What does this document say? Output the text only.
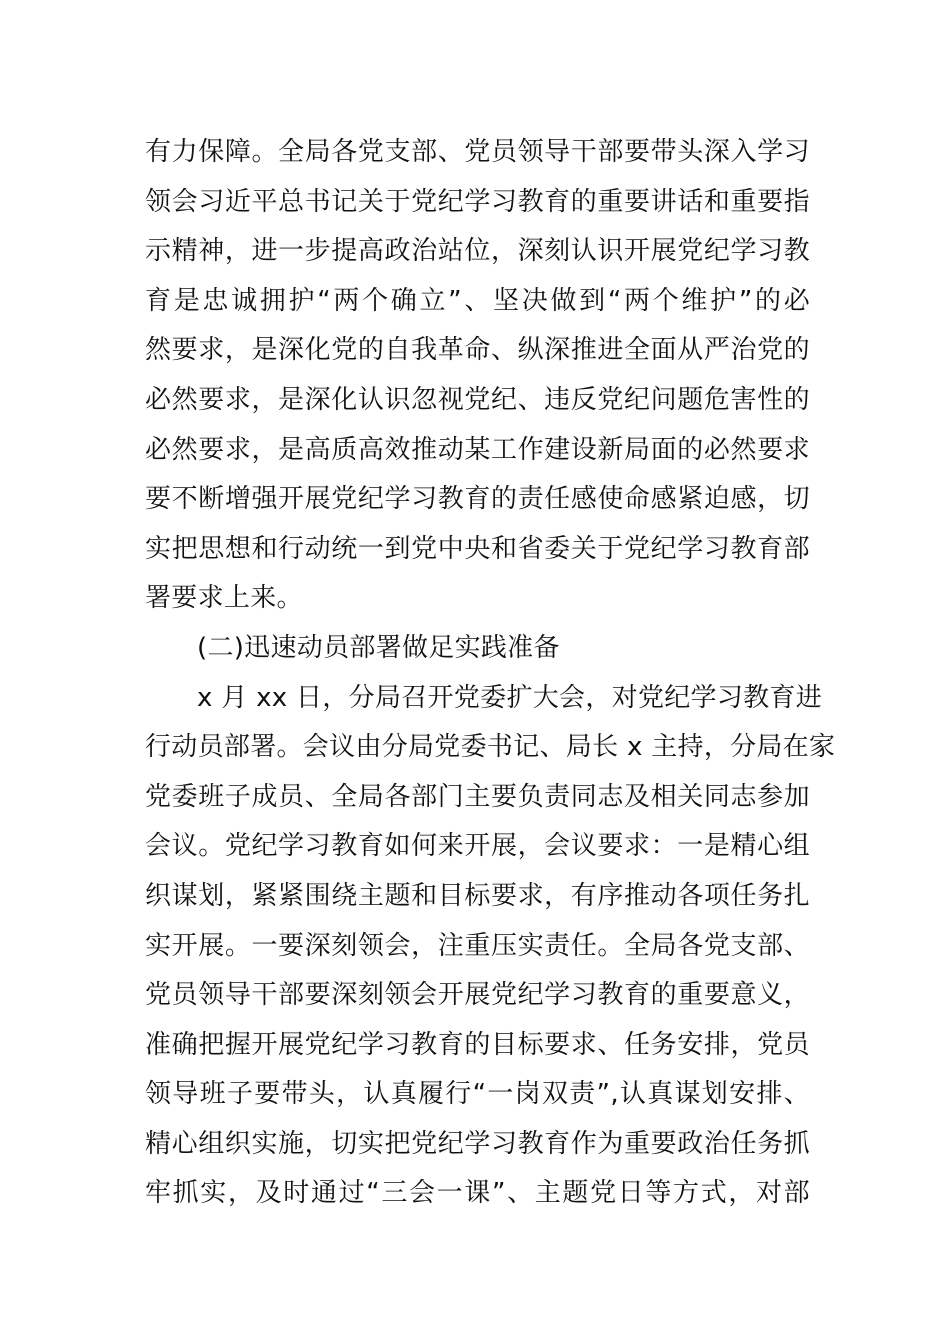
有力保障。全局各党支部、党员领导干部要带头深入学习
领会习近平总书记关于党纪学习教育的重要讲话和重要指
示精神，进一步提高政治站位，深刻认识开展党纪学习教
育是忠诚拥护“两个确立”、坚决做到“两个维护”的必
然要求，是深化党的自我革命、纵深推进全面从严治党的
必然要求，是深化认识忽视党纪、违反党纪问题危害性的
必然要求，是高质高效推动某工作建设新局面的必然要求
要不断增强开展党纪学习教育的责任感使命感紧迫感，切
实把思想和行动统一到党中央和省委关于党纪学习教育部
署要求上来。
(二)迅速动员部署做足实践准备
x 月 xx 日，分局召开党委扩大会，对党纪学习教育进
行动员部署。会议由分局党委书记、局长 x 主持，分局在家
党委班子成员、全局各部门主要负责同志及相关同志参加
会议。党纪学习教育如何来开展，会议要求：一是精心组
织谋划，紧紧围绕主题和目标要求，有序推动各项任务扎
实开展。一要深刻领会，注重压实责任。全局各党支部、
党员领导干部要深刻领会开展党纪学习教育的重要意义，
准确把握开展党纪学习教育的目标要求、任务安排，党员
领导班子要带头，认真履行“一岗双责”,认真谋划安排、
精心组织实施，切实把党纪学习教育作为重要政治任务抓
牢抓实，及时通过“三会一课”、主题党日等方式，对部
